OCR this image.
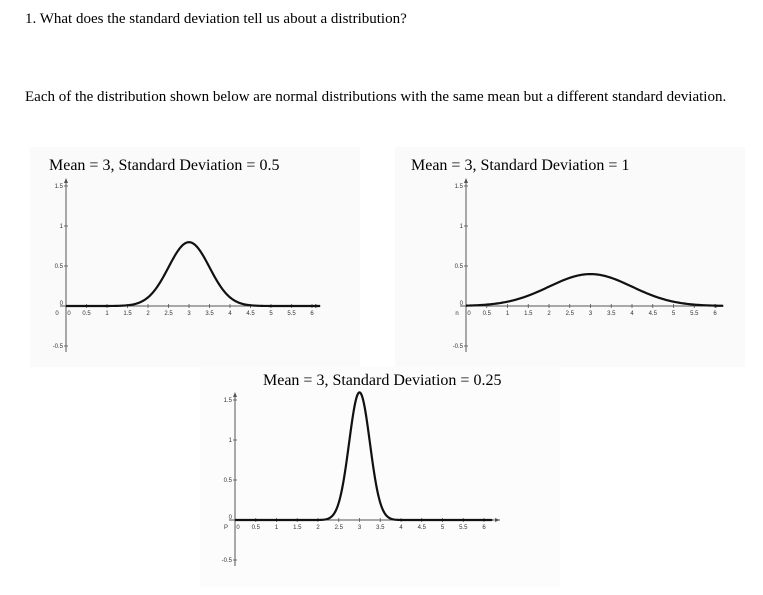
1. What does the standard deviation tell us about a distribution?
Each of the distribution shown below are normal distributions with the same mean but a different standard deviation.
Mean = 3, Standard Deviation = 0.5	Mean = 3, Standard Deviation = 1
Mean = 3, Standard Deviation = 0.25
1.5
1
0.5
0
-0.5
0 0.5 1 1.5 2 2.5 3 3.5 4 4.5 5 5.5 6
0
1.5
1
0.5
0
-0.5
0 0.5 1 1.5 2 2.5 3 3.5 4 4.5 5 5.5 6
n
1.5
1
0.5
0
-0.5
0 0.5 1 1.5 2 2.5 3 3.5 4 4.5 5 5.5 6
P
